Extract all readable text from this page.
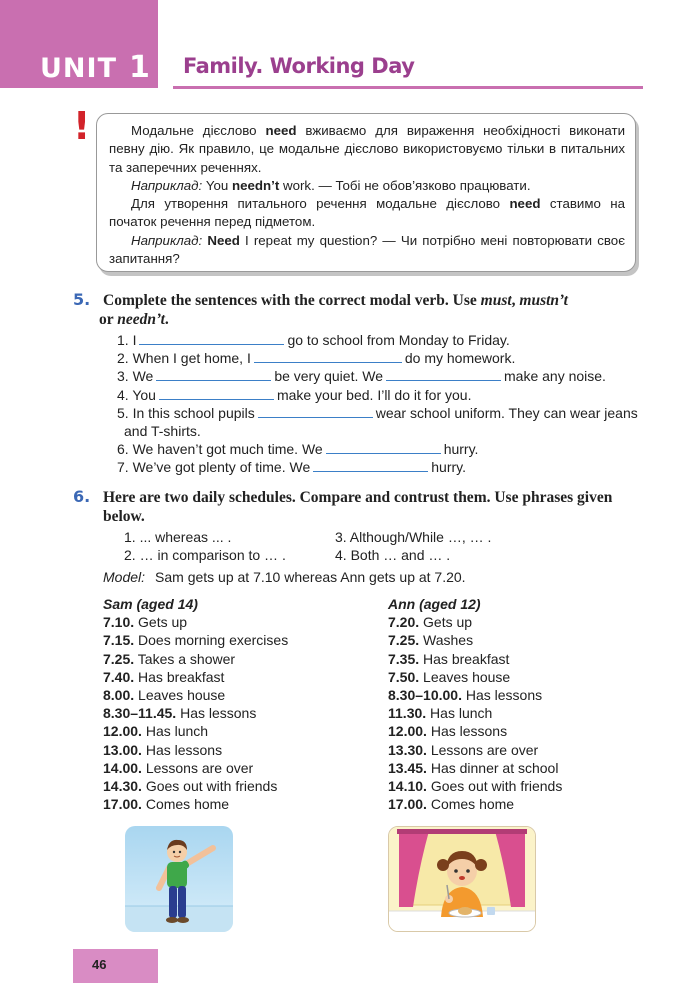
UNIT 1 Family. Working Day
!	Модальне дієслово need вживаємо для вираження необхідності виконати певну дію. Як правило, це модальне дієслово використовуємо тільки в питальних та заперечних реченнях.

Наприклад: You needn’t work. — Тобі не обов’язково працювати.

Для утворення питального речення модальне дієслово need ставимо на початок речення перед підметом.

Наприклад: Need I repeat my question? — Чи потрібно мені повторювати своє запитання?

5. Complete the sentences with the correct modal verb. Use must, mustn’t
or needn’t.
1. I	go to school from Monday to Friday.
2. When I get home, I	do my homework.
3. We	be very quiet. We	make any noise.
4. You	make your bed. I’ll do it for you.
5. In this school pupils	wear school uniform. They can wear jeans
and T-shirts.
6. We haven’t got much time. We	hurry.
7. We’ve got plenty of time. We	hurry.
6. Here are two daily schedules. Compare and contrust them. Use phrases given below.
1. ... whereas ... .
2. … in comparison to … .
3. Although/While …, … .
4. Both … and … .
Model: Sam gets up at 7.10 whereas Ann gets up at 7.20.
Sam (aged 14)
7.10. Gets up
7.15. Does morning exercises
7.25. Takes a shower
7.40. Has breakfast
8.00. Leaves house
8.30–11.45. Has lessons
12.00. Has lunch
13.00. Has lessons
14.00. Lessons are over
14.30. Goes out with friends
17.00. Comes home
Ann (aged 12)
7.20. Gets up
7.25. Washes
7.35. Has breakfast
7.50. Leaves house
8.30–10.00. Has lessons
11.30. Has lunch
12.00. Has lessons
13.30. Lessons are over
13.45. Has dinner at school
14.10. Goes out with friends
17.00. Comes home
46
